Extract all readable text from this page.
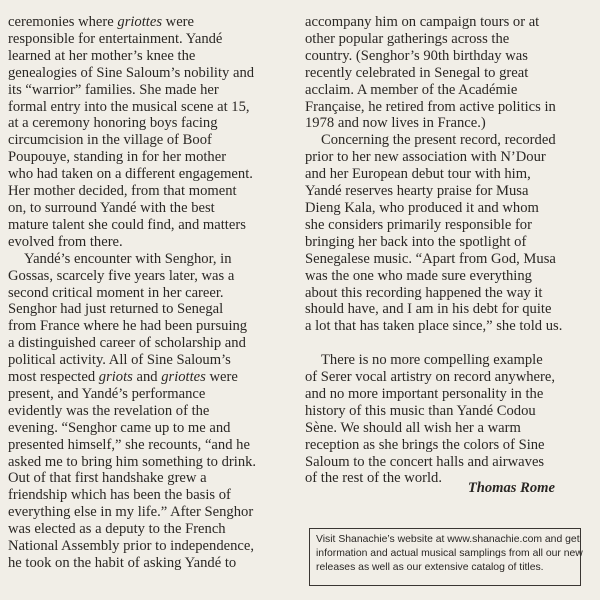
ceremonies where griottes were
responsible for entertainment. Yandé
learned at her mother’s knee the
genealogies of Sine Saloum’s nobility and
its “warrior” families. She made her
formal entry into the musical scene at 15,
at a ceremony honoring boys facing
circumcision in the village of Boof
Poupouye, standing in for her mother
who had taken on a different engagement.
Her mother decided, from that moment
on, to surround Yandé with the best
mature talent she could find, and matters
evolved from there.
Yandé’s encounter with Senghor, in
Gossas, scarcely five years later, was a
second critical moment in her career.
Senghor had just returned to Senegal
from France where he had been pursuing
a distinguished career of scholarship and
political activity. All of Sine Saloum’s
most respected griots and griottes were
present, and Yandé’s performance
evidently was the revelation of the
evening. “Senghor came up to me and
presented himself,” she recounts, “and he
asked me to bring him something to drink.
Out of that first handshake grew a
friendship which has been the basis of
everything else in my life.” After Senghor
was elected as a deputy to the French
National Assembly prior to independence,
he took on the habit of asking Yandé to
accompany him on campaign tours or at
other popular gatherings across the
country. (Senghor’s 90th birthday was
recently celebrated in Senegal to great
acclaim. A member of the Académie
Française, he retired from active politics in
1978 and now lives in France.)
Concerning the present record, recorded
prior to her new association with N’Dour
and her European debut tour with him,
Yandé reserves hearty praise for Musa
Dieng Kala, who produced it and whom
she considers primarily responsible for
bringing her back into the spotlight of
Senegalese music. “Apart from God, Musa
was the one who made sure everything
about this recording happened the way it
should have, and I am in his debt for quite
a lot that has taken place since,” she told us.
There is no more compelling example
of Serer vocal artistry on record anywhere,
and no more important personality in the
history of this music than Yandé Codou
Sène. We should all wish her a warm
reception as she brings the colors of Sine
Saloum to the concert halls and airwaves
of the rest of the world.
Thomas Rome
Visit Shanachie’s website at www.shanachie.com and get
information and actual musical samplings from all our new
releases as well as our extensive catalog of titles.
